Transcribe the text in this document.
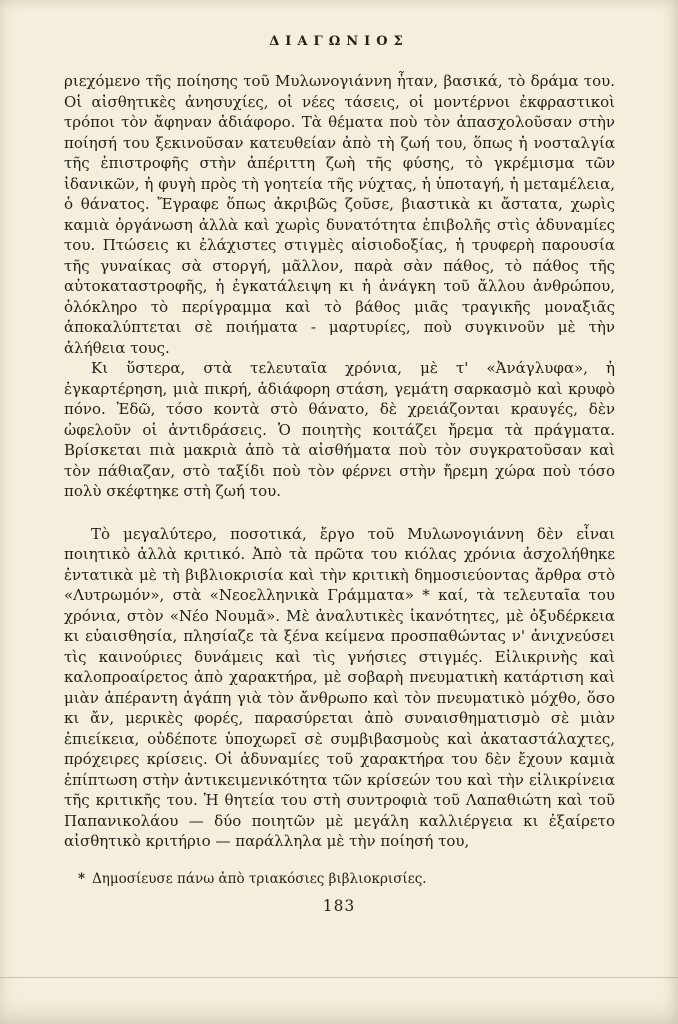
ΔΙΑΓΩΝΙΟΣ

ριεχόμενο τῆς ποίησης τοῦ Μυλωνογιάννη ἦταν, βασικά, τὸ δράμα του. Οἱ αἰσθητικὲς ἀνησυχίες, οἱ νέες τάσεις, οἱ μοντέρνοι ἐκφραστικοὶ τρόποι τὸν ἄφηναν ἀδιάφορο. Τὰ θέματα ποὺ τὸν ἀπασχολοῦσαν στὴν ποίησή του ξεκινοῦσαν κατευθείαν ἀπὸ τὴ ζωή του, ὅπως ἡ νοσταλγία τῆς ἐπιστροφῆς στὴν ἀπέριττη ζωὴ τῆς φύσης, τὸ γκρέμισμα τῶν ἰδανικῶν, ἡ φυγὴ πρὸς τὴ γοητεία τῆς νύχτας, ἡ ὑποταγή, ἡ μεταμέλεια, ὁ θάνατος. Ἔγραφε ὅπως ἀκριβῶς ζοῦσε, βιαστικὰ κι ἄστατα, χωρὶς καμιὰ ὀργάνωση ἀλλὰ καὶ χωρὶς δυνατότητα ἐπιβολῆς στὶς ἀδυναμίες του. Πτώσεις κι ἐλάχιστες στιγμὲς αἰσιοδοξίας, ἡ τρυφερὴ παρουσία τῆς γυναίκας σὰ στοργή, μᾶλλον, παρὰ σὰν πάθος, τὸ πάθος τῆς αὐτοκαταστροφῆς, ἡ ἐγκατάλειψη κι ἡ ἀνάγκη τοῦ ἄλλου ἀνθρώπου, ὁλόκληρο τὸ περίγραμμα καὶ τὸ βάθος μιᾶς τραγικῆς μοναξιᾶς ἀποκαλύπτεται σὲ ποιήματα - μαρτυρίες, ποὺ συγκινοῦν μὲ τὴν ἀλήθεια τους.

Κι ὕστερα, στὰ τελευταῖα χρόνια, μὲ τ' «Ἀνάγλυφα», ἡ ἐγκαρτέρηση, μιὰ πικρή, ἀδιάφορη στάση, γεμάτη σαρκασμὸ καὶ κρυφὸ πόνο. Ἐδῶ, τόσο κοντὰ στὸ θάνατο, δὲ χρειάζονται κραυγές, δὲν ὠφελοῦν οἱ ἀντιδράσεις. Ὁ ποιητὴς κοιτάζει ἤρεμα τὰ πράγματα. Βρίσκεται πιὰ μακριὰ ἀπὸ τὰ αἰσθήματα ποὺ τὸν συγκρατοῦσαν καὶ τὸν πάθιαζαν, στὸ ταξίδι ποὺ τὸν φέρνει στὴν ἤρεμη χώρα ποὺ τόσο πολὺ σκέφτηκε στὴ ζωή του.

Τὸ μεγαλύτερο, ποσοτικά, ἔργο τοῦ Μυλωνογιάννη δὲν εἶναι ποιητικὸ ἀλλὰ κριτικό. Ἀπὸ τὰ πρῶτα του κιόλας χρόνια ἀσχολήθηκε ἐντατικὰ μὲ τὴ βιβλιοκρισία καὶ τὴν κριτικὴ δημοσιεύοντας ἄρθρα στὸ «Λυτρωμόν», στὰ «Νεοελληνικὰ Γράμματα» * καί, τὰ τελευταῖα του χρόνια, στὸν «Νέο Νουμᾶ». Μὲ ἀναλυτικὲς ἱκανότητες, μὲ ὀξυδέρκεια κι εὐαισθησία, πλησίαζε τὰ ξένα κείμενα προσπαθώντας ν' ἀνιχνεύσει τὶς καινούριες δυνάμεις καὶ τὶς γνήσιες στιγμές. Εἰλικρινὴς καὶ καλοπροαίρετος ἀπὸ χαρακτήρα, μὲ σοβαρὴ πνευματικὴ κατάρτιση καὶ μιὰν ἀπέραντη ἀγάπη γιὰ τὸν ἄνθρωπο καὶ τὸν πνευματικὸ μόχθο, ὅσο κι ἄν, μερικὲς φορές, παρασύρεται ἀπὸ συναισθηματισμὸ σὲ μιὰν ἐπιείκεια, οὐδέποτε ὑποχωρεῖ σὲ συμβιβασμοὺς καὶ ἀκαταστάλαχτες, πρόχειρες κρίσεις. Οἱ ἀδυναμίες τοῦ χαρακτήρα του δὲν ἔχουν καμιὰ ἐπίπτωση στὴν ἀντικειμενικότητα τῶν κρίσεών του καὶ τὴν εἰλικρίνεια τῆς κριτικῆς του. Ἡ θητεία του στὴ συντροφιὰ τοῦ Λαπαθιώτη καὶ τοῦ Παπανικολάου — δύο ποιητῶν μὲ μεγάλη καλλιέργεια κι ἐξαίρετο αἰσθητικὸ κριτήριο — παράλληλα μὲ τὴν ποίησή του,

* Δημοσίευσε πάνω ἀπὸ τριακόσιες βιβλιοκρισίες.
183
